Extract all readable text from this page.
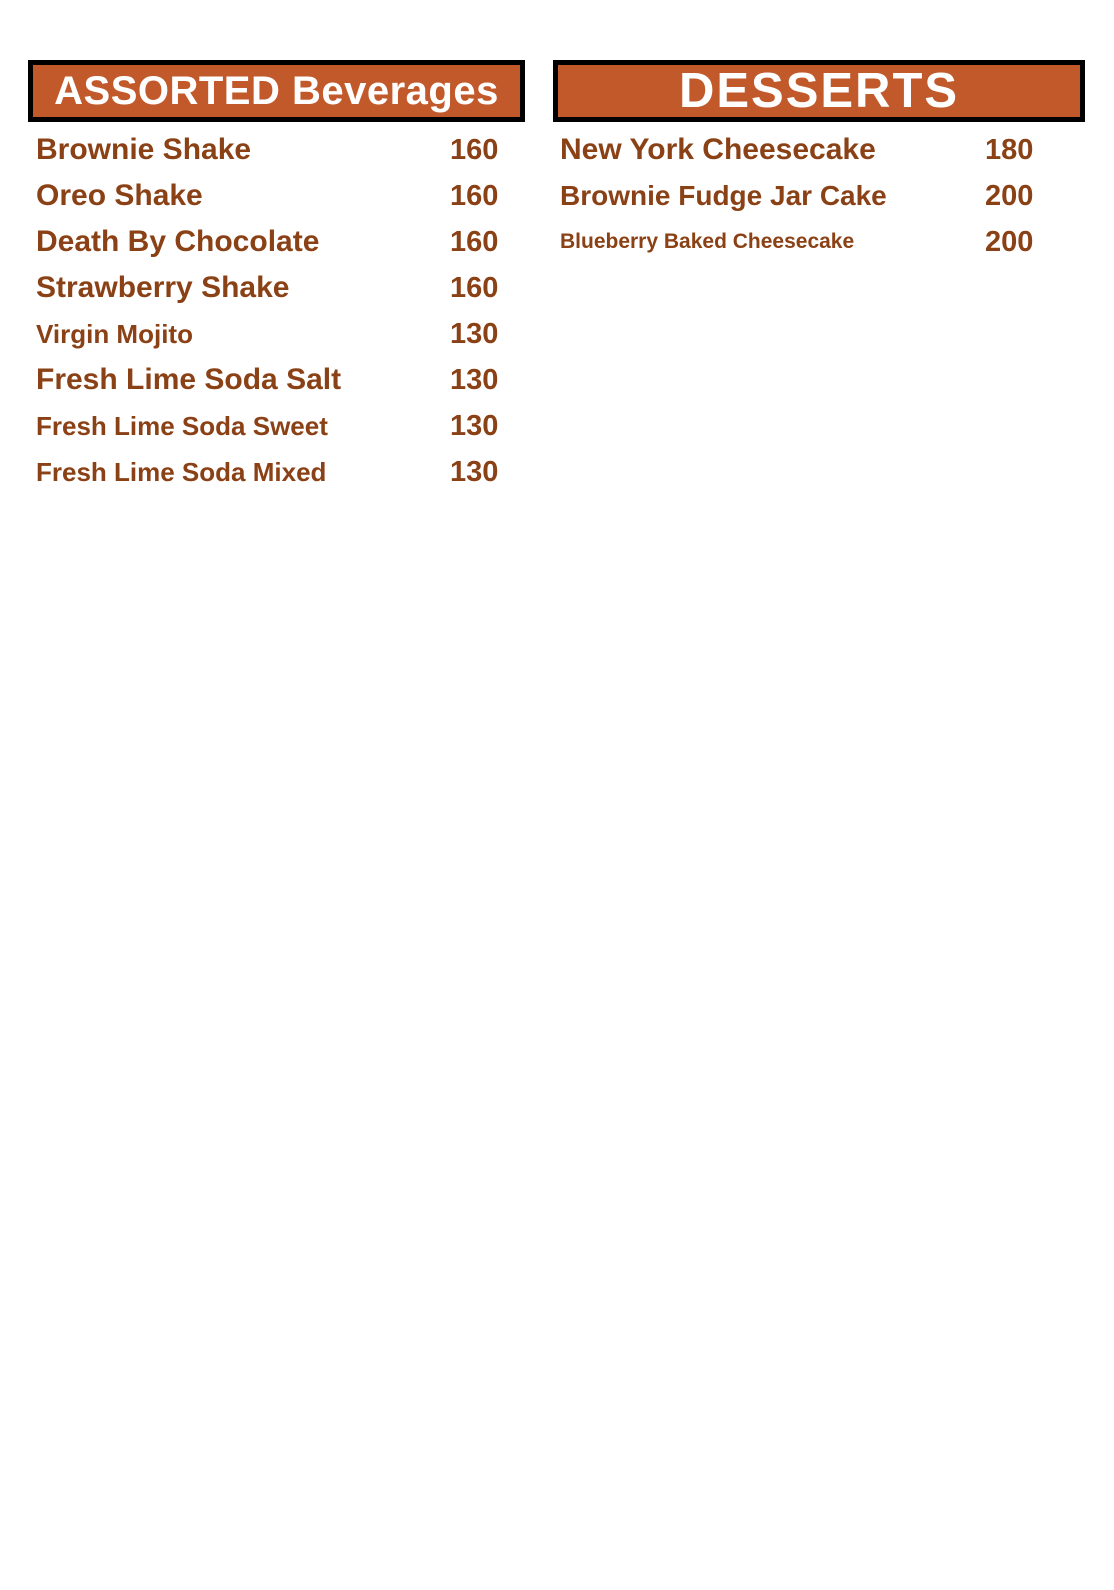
ASSORTED Beverages
Brownie Shake	160
Oreo Shake	160
Death By Chocolate	160
Strawberry Shake	160
Virgin Mojito	130
Fresh Lime Soda Salt	130
Fresh Lime Soda Sweet	130
Fresh Lime Soda Mixed	130
DESSERTS
New York Cheesecake	180
Brownie Fudge Jar Cake	200
Blueberry Baked Cheesecake	200
